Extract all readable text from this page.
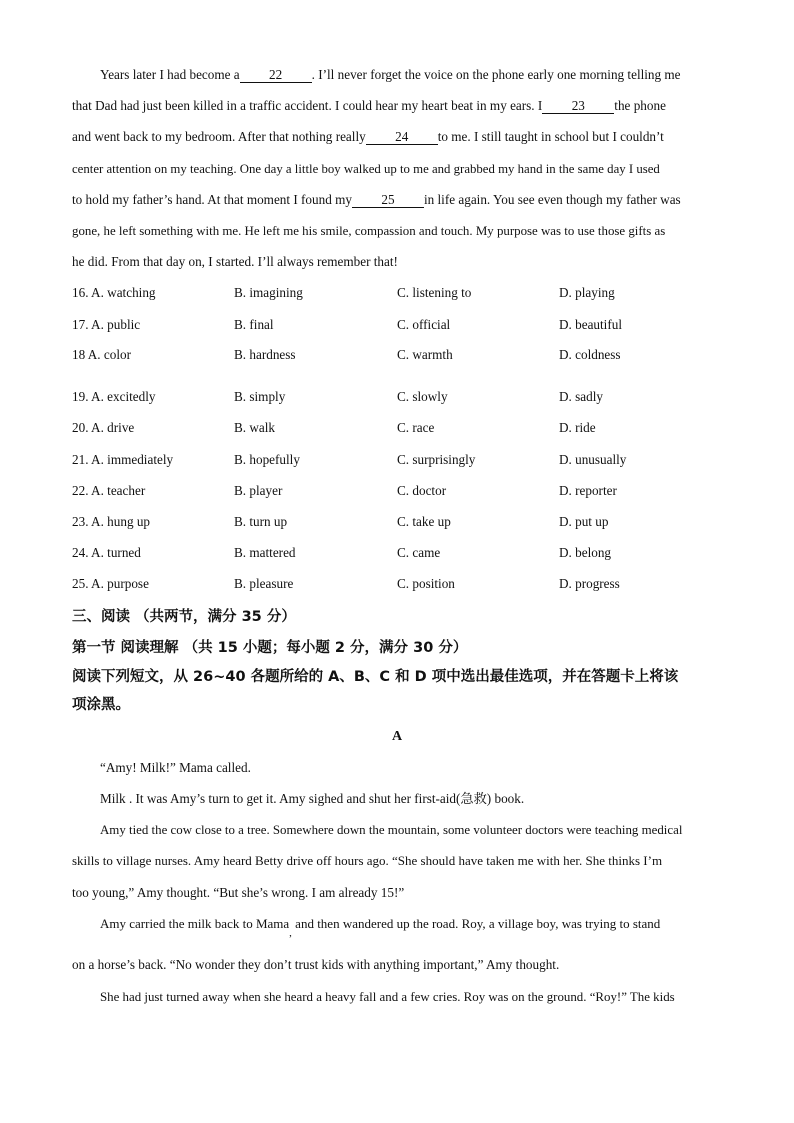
Years later I had become a 22 . I’ll never forget the voice on the phone early one morning telling me
that Dad had just been killed in a traffic accident. I could hear my heart beat in my ears. I 23 the phone
and went back to my bedroom. After that nothing really 24 to me. I still taught in school but I couldn’t
center attention on my teaching. One day a little boy walked up to me and grabbed my hand in the same day I used
to hold my father’s hand. At that moment I found my 25 in life again. You see even though my father was
gone, he left something with me. He left me his smile, compassion and touch. My purpose was to use those gifts as
he did. From that day on, I started. I’ll always remember that!
16. A. watching	B. imagining	C. listening to	D. playing
17. A. public	B. final	C. official	D. beautiful
18 A. color	B. hardness	C. warmth	D. coldness
19. A. excitedly	B. simply	C. slowly	D. sadly
20. A. drive	B. walk	C. race	D. ride
21. A. immediately	B. hopefully	C. surprisingly	D. unusually
22. A. teacher	B. player	C. doctor	D. reporter
23. A. hung up	B. turn up	C. take up	D. put up
24. A. turned	B. mattered	C. came	D. belong
25. A. purpose	B. pleasure	C. position	D. progress
三、阅读 （共两节，满分 35 分）
第一节 阅读理解 （共 15 小题；每小题 2 分，满分 30 分）
阅读下列短文，从 26~40 各题所给的 A、B、C 和 D 项中选出最佳选项，并在答题卡上将该
项涂黑。
A
“Amy! Milk!” Mama called.
Milk . It was Amy’s turn to get it. Amy sighed and shut her first-aid(急救) book.
Amy tied the cow close to a tree. Somewhere down the mountain, some volunteer doctors were teaching medical
skills to village nurses. Amy heard Betty drive off hours ago. “She should have taken me with her. She thinks I’m
too young,” Amy thought. “But she’s wrong. I am already 15!”
Amy carried the milk back to Mama$_,$ and then wandered up the road. Roy, a village boy, was trying to stand
on a horse’s back. “No wonder they don’t trust kids with anything important,” Amy thought.
She had just turned away when she heard a heavy fall and a few cries. Roy was on the ground. “Roy!” The kids
